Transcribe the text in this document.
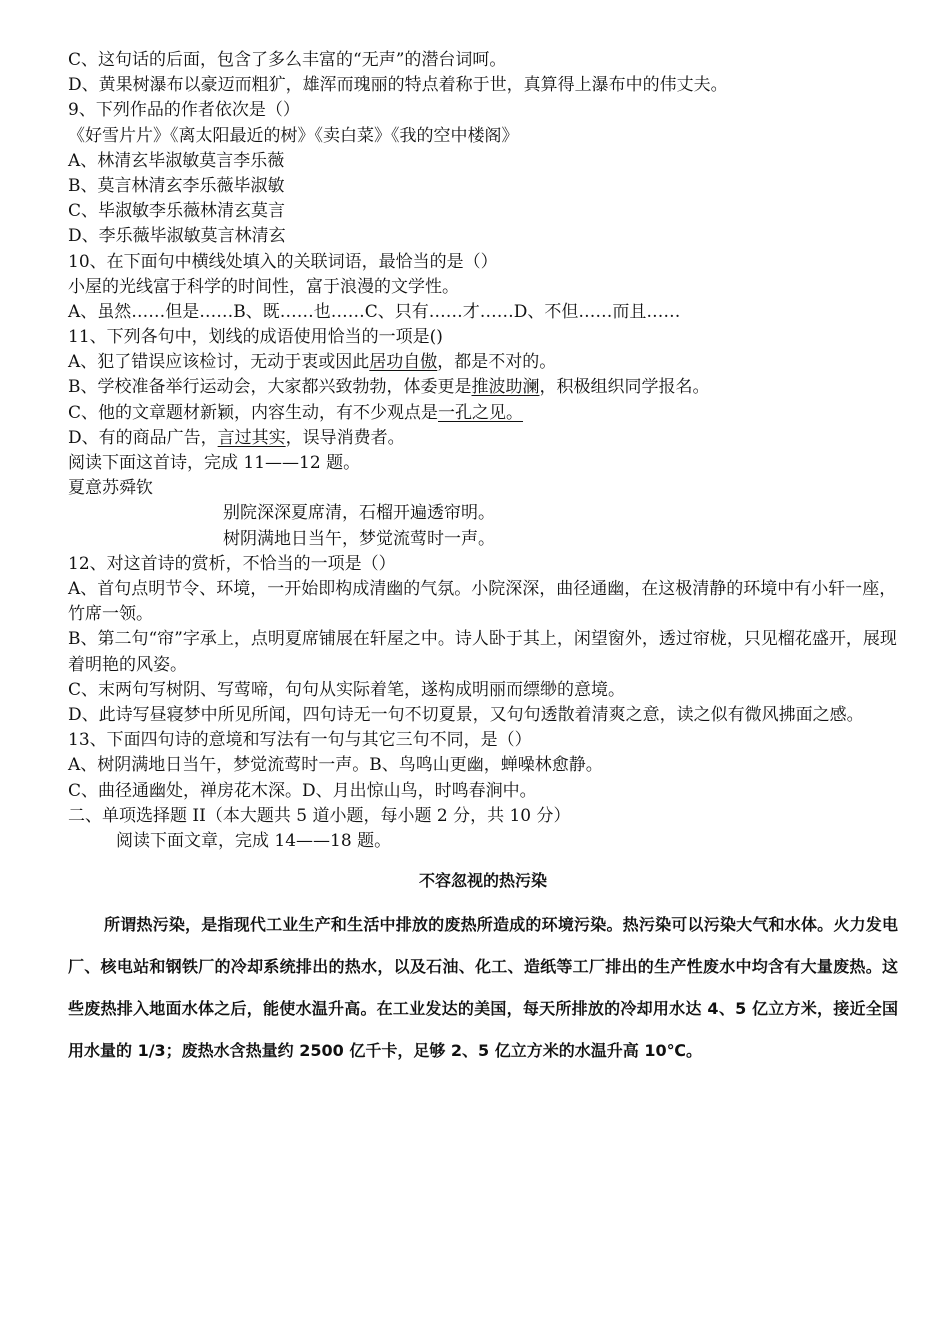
C、这句话的后面，包含了多么丰富的“无声”的潜台词呵。
D、黄果树瀑布以豪迈而粗犷，雄浑而瑰丽的特点着称于世，真算得上瀑布中的伟丈夫。
9、下列作品的作者依次是（）
《好雪片片》《离太阳最近的树》《卖白菜》《我的空中楼阁》
A、林清玄毕淑敏莫言李乐薇
B、莫言林清玄李乐薇毕淑敏
C、毕淑敏李乐薇林清玄莫言
D、李乐薇毕淑敏莫言林清玄
10、在下面句中横线处填入的关联词语，最恰当的是（）
小屋的光线富于科学的时间性，富于浪漫的文学性。
A、虽然……但是……B、既……也……C、只有……才……D、不但……而且……
11、下列各句中，划线的成语使用恰当的一项是()
A、犯了错误应该检讨，无动于衷或因此居功自傲，都是不对的。
B、学校准备举行运动会，大家都兴致勃勃，体委更是推波助澜，积极组织同学报名。
C、他的文章题材新颖，内容生动，有不少观点是一孔之见。
D、有的商品广告，言过其实，误导消费者。
阅读下面这首诗，完成 11——12 题。
夏意苏舜钦
别院深深夏席清，石榴开遍透帘明。
树阴满地日当午，梦觉流莺时一声。
12、对这首诗的赏析，不恰当的一项是（）
A、首句点明节令、环境，一开始即构成清幽的气氛。小院深深，曲径通幽，在这极清静的环境中有小轩一座，竹席一领。
B、第二句“帘”字承上，点明夏席铺展在轩屋之中。诗人卧于其上，闲望窗外，透过帘栊，只见榴花盛开，展现着明艳的风姿。
C、末两句写树阴、写莺啼，句句从实际着笔，遂构成明丽而缥缈的意境。
D、此诗写昼寝梦中所见所闻，四句诗无一句不切夏景，又句句透散着清爽之意，读之似有微风拂面之感。
13、下面四句诗的意境和写法有一句与其它三句不同，是（）
A、树阴满地日当午，梦觉流莺时一声。B、鸟鸣山更幽，蝉噪林愈静。
C、曲径通幽处，禅房花木深。D、月出惊山鸟，时鸣春涧中。
二、单项选择题 II（本大题共 5 道小题，每小题 2 分，共 10 分）
阅读下面文章，完成 14——18 题。
不容忽视的热污染
所谓热污染，是指现代工业生产和生活中排放的废热所造成的环境污染。热污染可以污染大气和水体。火力发电厂、核电站和钢铁厂的冷却系统排出的热水，以及石油、化工、造纸等工厂排出的生产性废水中均含有大量废热。这些废热排入地面水体之后，能使水温升高。在工业发达的美国，每天所排放的冷却用水达 4、5 亿立方米，接近全国用水量的 1/3；废热水含热量约 2500 亿千卡，足够 2、5 亿立方米的水温升高 10℃。
